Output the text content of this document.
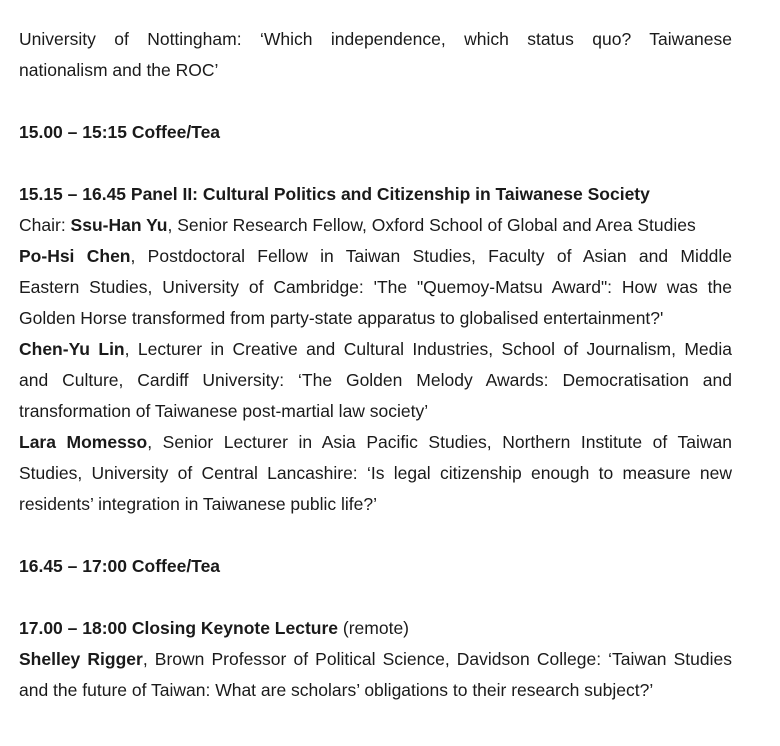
University of Nottingham: ‘Which independence, which status quo? Taiwanese
nationalism and the ROC’
15.00 – 15:15 Coffee/Tea
15.15 – 16.45 Panel II: Cultural Politics and Citizenship in Taiwanese Society
Chair: Ssu-Han Yu, Senior Research Fellow, Oxford School of Global and Area Studies
Po-Hsi Chen, Postdoctoral Fellow in Taiwan Studies, Faculty of Asian and Middle
Eastern Studies, University of Cambridge: 'The "Quemoy-Matsu Award": How was the
Golden Horse transformed from party-state apparatus to globalised entertainment?'
Chen-Yu Lin, Lecturer in Creative and Cultural Industries, School of Journalism, Media
and Culture, Cardiff University: ‘The Golden Melody Awards: Democratisation and
transformation of Taiwanese post-martial law society’
Lara Momesso, Senior Lecturer in Asia Pacific Studies, Northern Institute of Taiwan
Studies, University of Central Lancashire: ‘Is legal citizenship enough to measure new
residents’ integration in Taiwanese public life?’
16.45 – 17:00 Coffee/Tea
17.00 – 18:00 Closing Keynote Lecture (remote)
Shelley Rigger, Brown Professor of Political Science, Davidson College: ‘Taiwan Studies
and the future of Taiwan: What are scholars’ obligations to their research subject?’
